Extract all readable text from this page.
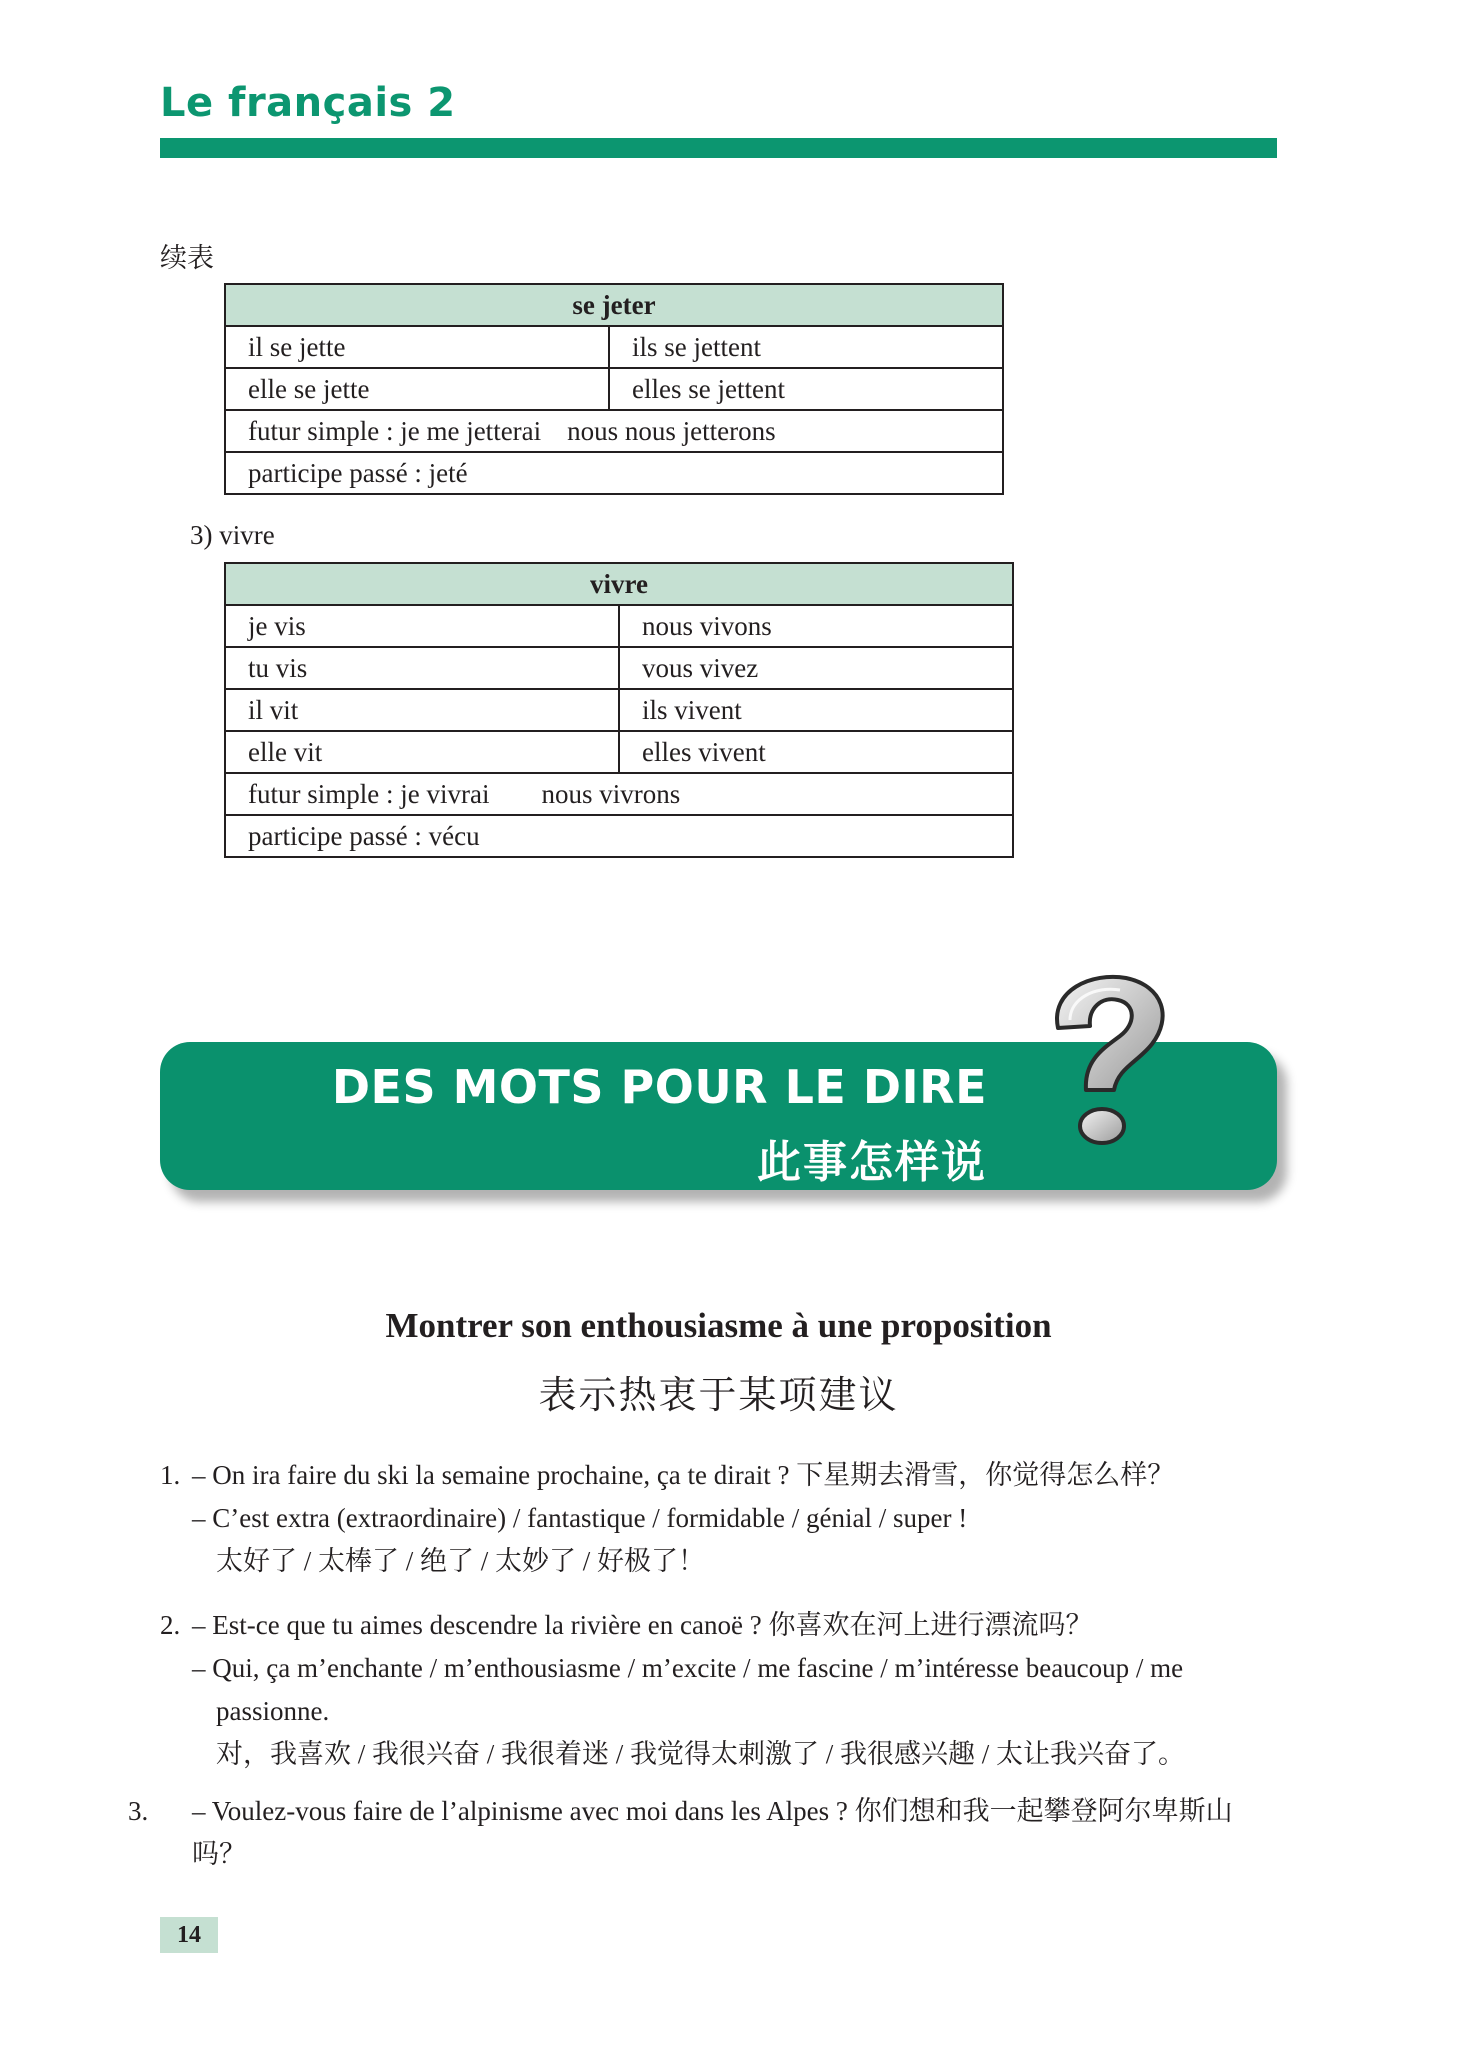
Le français 2
续表
se jeter	
il se jette	ils se jettent
elle se jette	elles se jettent
futur simple : je me jetterai nous nous jetterons	
participe passé : jeté	
3) vivre
vivre	
je vis	nous vivons
tu vis	vous vivez
il vit	ils vivent
elle vit	elles vivent
futur simple : je vivrai nous vivrons	
participe passé : vécu	
DES MOTS POUR LE DIRE
此事怎样说
Montrer son enthousiasme à une proposition
表示热衷于某项建议
1. – On ira faire du ski la semaine prochaine, ça te dirait ? 下星期去滑雪，你觉得怎么样？
– C’est extra (extraordinaire) / fantastique / formidable / génial / super !
太好了 / 太棒了 / 绝了 / 太妙了 / 好极了！
2. – Est-ce que tu aimes descendre la rivière en canoë ? 你喜欢在河上进行漂流吗？
– Qui, ça m’enchante / m’enthousiasme / m’excite / me fascine / m’intéresse beaucoup / me passionne.
对，我喜欢 / 我很兴奋 / 我很着迷 / 我觉得太刺激了 / 我很感兴趣 / 太让我兴奋了。
3. – Voulez-vous faire de l’alpinisme avec moi dans les Alpes ? 你们想和我一起攀登阿尔卑斯山吗？
14
